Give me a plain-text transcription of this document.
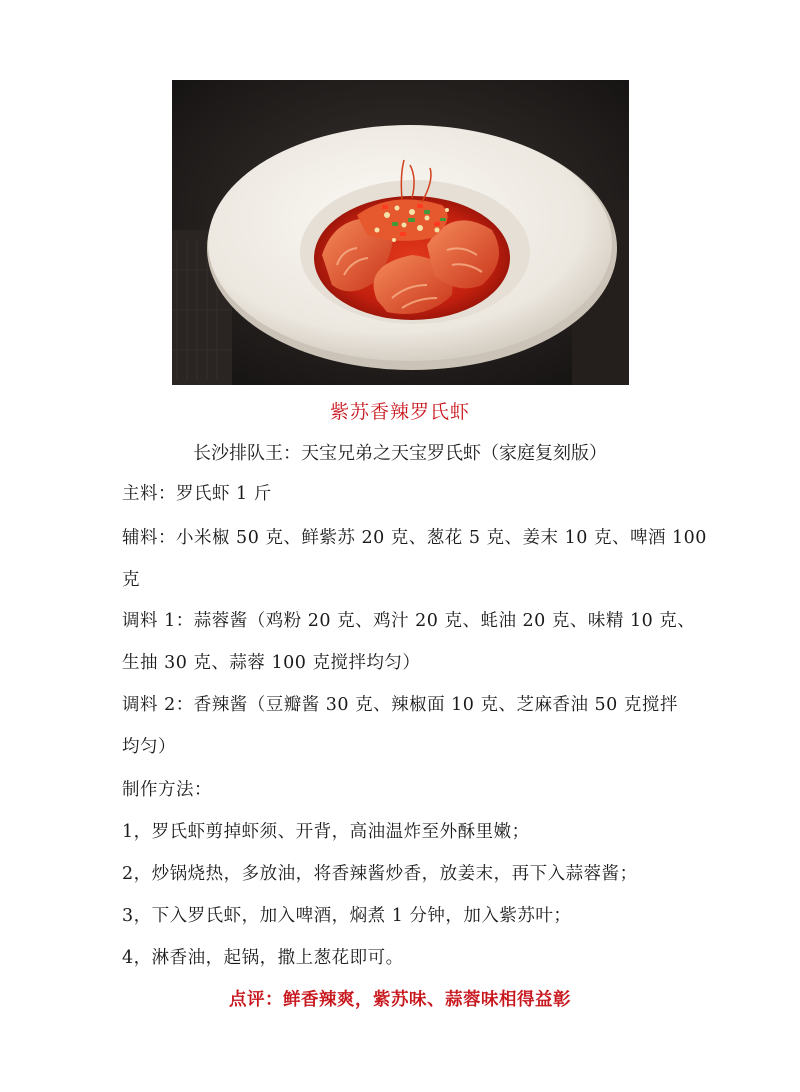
紫苏香辣罗氏虾
长沙排队王：天宝兄弟之天宝罗氏虾（家庭复刻版）
主料：罗氏虾 1 斤
辅料：小米椒 50 克、鲜紫苏 20 克、葱花 5 克、姜末 10 克、啤酒 100
克
调料 1：蒜蓉酱（鸡粉 20 克、鸡汁 20 克、蚝油 20 克、味精 10 克、
生抽 30 克、蒜蓉 100 克搅拌均匀）
调料 2：香辣酱（豆瓣酱 30 克、辣椒面 10 克、芝麻香油 50 克搅拌
均匀）
制作方法：
1，罗氏虾剪掉虾须、开背，高油温炸至外酥里嫩；
2，炒锅烧热，多放油，将香辣酱炒香，放姜末，再下入蒜蓉酱；
3，下入罗氏虾，加入啤酒，焖煮 1 分钟，加入紫苏叶；
4，淋香油，起锅，撒上葱花即可。
点评：鲜香辣爽，紫苏味、蒜蓉味相得益彰
